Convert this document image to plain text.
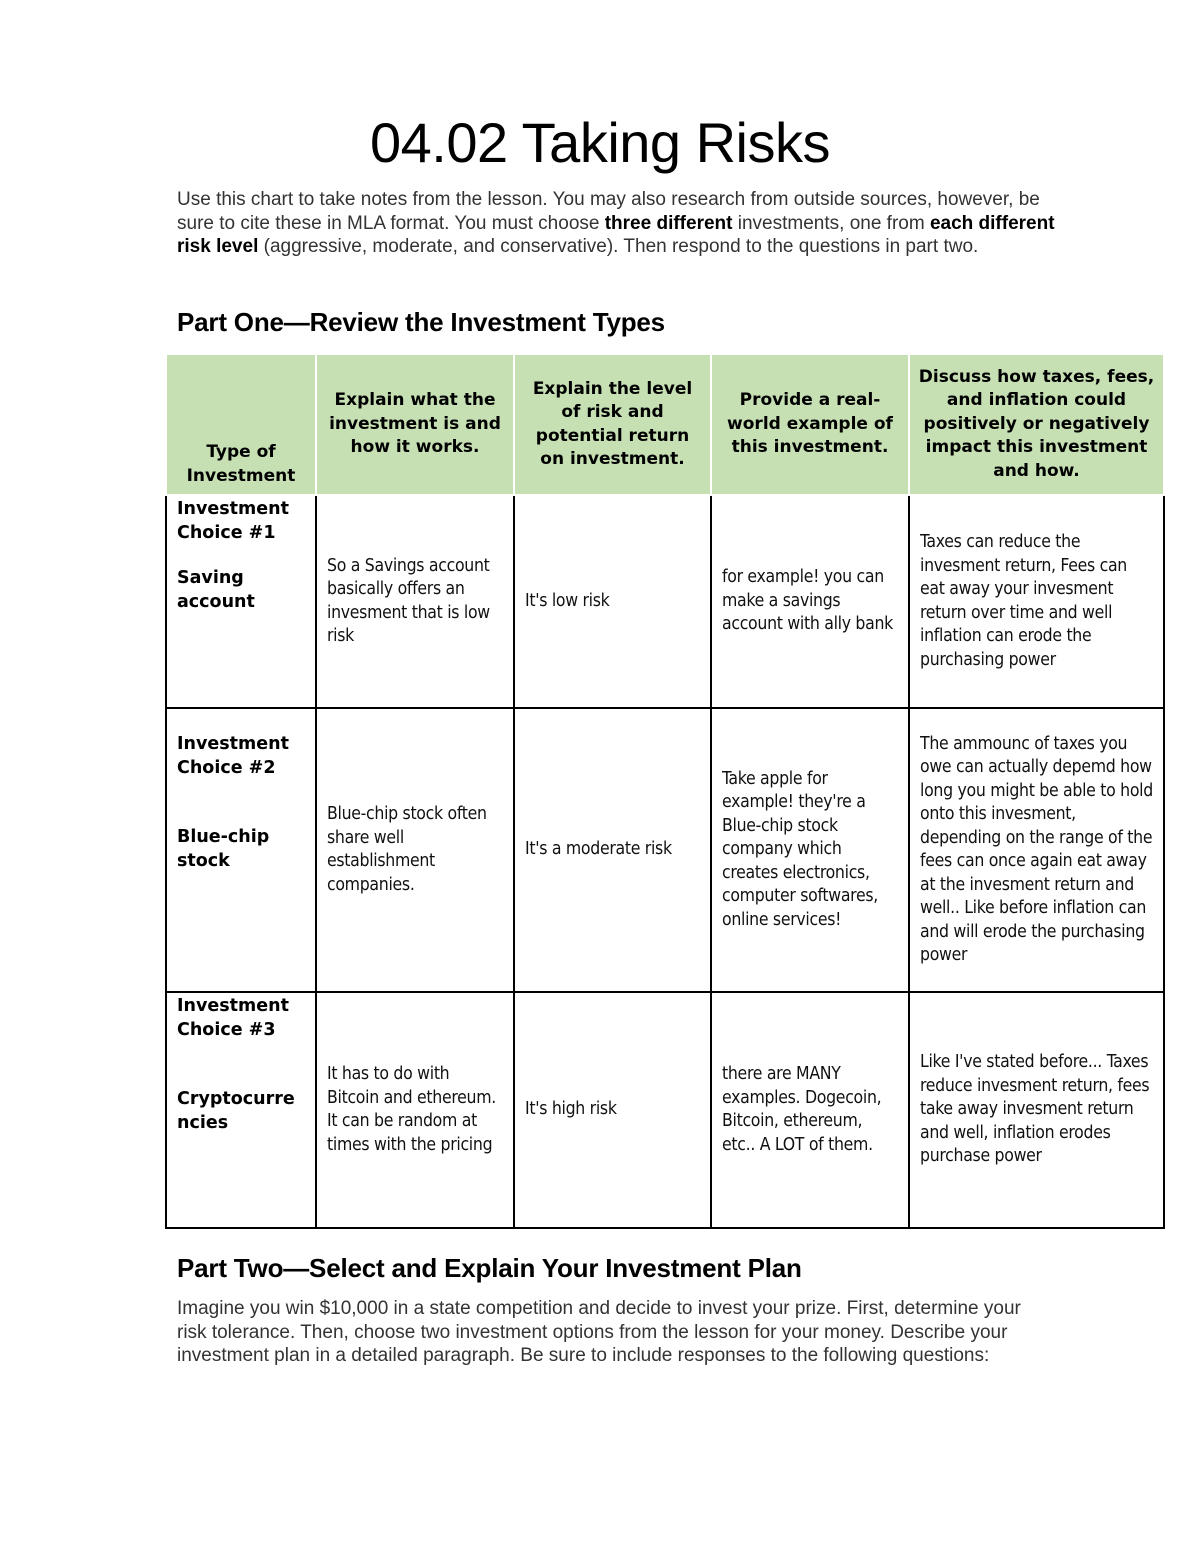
04.02 Taking Risks
Use this chart to take notes from the lesson. You may also research from outside sources, however, be sure to cite these in MLA format. You must choose three different investments, one from each different risk level (aggressive, moderate, and conservative). Then respond to the questions in part two.
Part One—Review the Investment Types
Type of Investment	Explain what the investment is and how it works.	Explain the level of risk and potential return on investment.	Provide a real-world example of this investment.	Discuss how taxes, fees, and inflation could positively or negatively impact this investment and how.

Investment Choice #1
Saving account	So a Savings account basically offers an invesment that is low risk	It's low risk	for example! you can make a savings account with ally bank	Taxes can reduce the invesment return, Fees can eat away your invesment return over time and well inflation can erode the purchasing power

Investment Choice #2
Blue-chip stock	Blue-chip stock often share well establishment companies.	It's a moderate risk	Take apple for example! they're a Blue-chip stock company which creates electronics, computer softwares, online services!	The ammounc of taxes you owe can actually depemd how long you might be able to hold onto this invesment, depending on the range of the fees can once again eat away at the invesment return and well.. Like before inflation can and will erode the purchasing power

Investment Choice #3
Cryptocurrencies	It has to do with Bitcoin and ethereum. It can be random at times with the pricing	It's high risk	there are MANY examples. Dogecoin, Bitcoin, ethereum, etc.. A LOT of them.	Like I've stated before... Taxes reduce invesment return, fees take away invesment return and well, inflation erodes purchase power
Part Two—Select and Explain Your Investment Plan
Imagine you win $10,000 in a state competition and decide to invest your prize. First, determine your risk tolerance. Then, choose two investment options from the lesson for your money. Describe your investment plan in a detailed paragraph. Be sure to include responses to the following questions:
